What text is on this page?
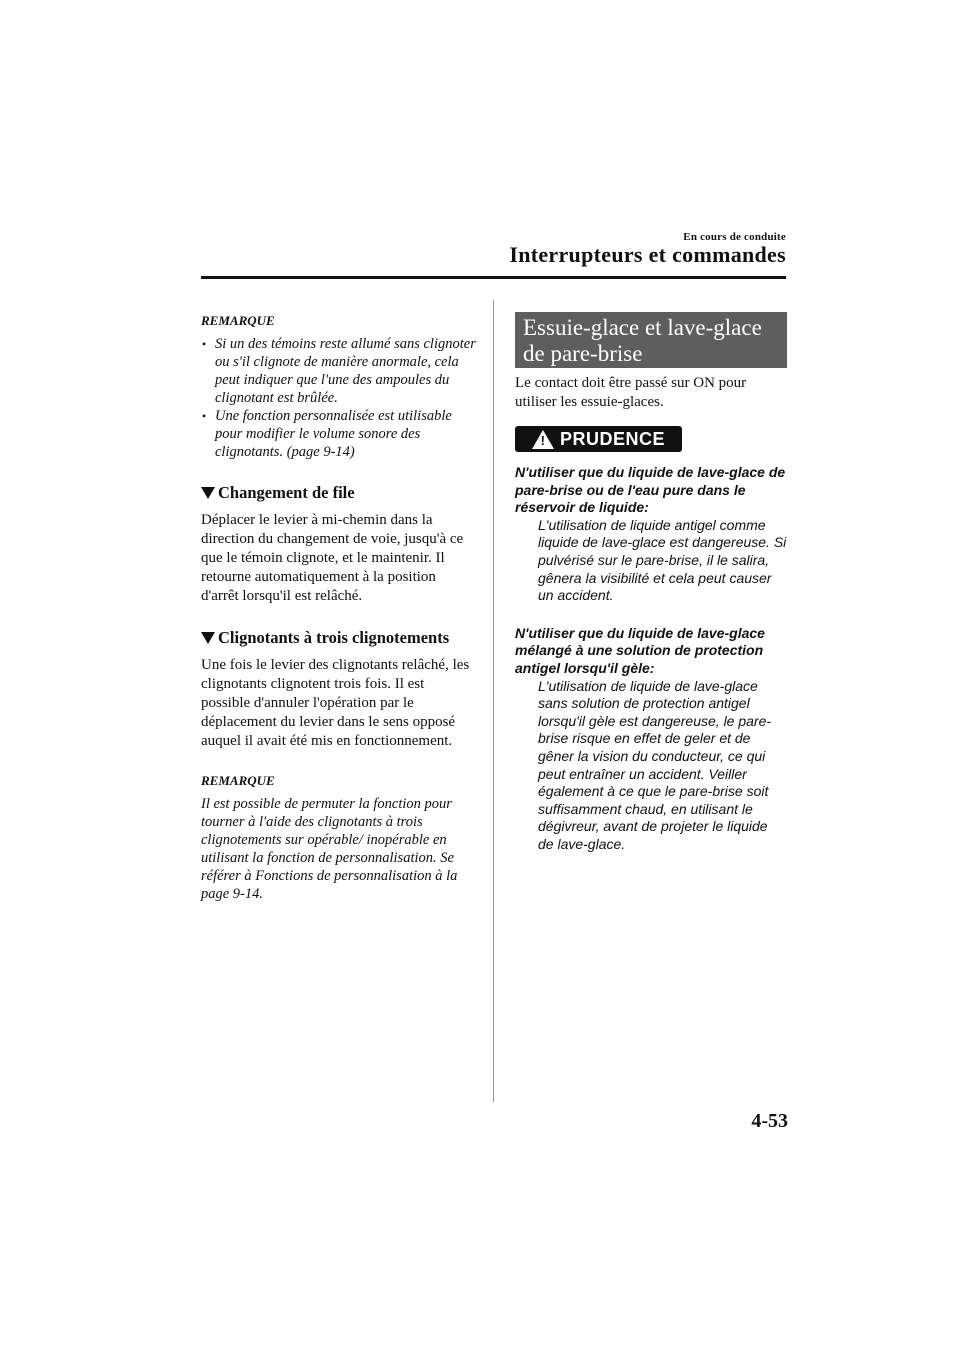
En cours de conduite
Interrupteurs et commandes
REMARQUE
• Si un des témoins reste allumé sans clignoter ou s'il clignote de manière anormale, cela peut indiquer que l'une des ampoules du clignotant est brûlée.
• Une fonction personnalisée est utilisable pour modifier le volume sonore des clignotants. (page 9-14)
Changement de file

Déplacer le levier à mi-chemin dans la direction du changement de voie, jusqu'à ce que le témoin clignote, et le maintenir. Il retourne automatiquement à la position d'arrêt lorsqu'il est relâché.

Clignotants à trois clignotements

Une fois le levier des clignotants relâché, les clignotants clignotent trois fois. Il est possible d'annuler l'opération par le déplacement du levier dans le sens opposé auquel il avait été mis en fonctionnement.

REMARQUE
Il est possible de permuter la fonction pour tourner à l'aide des clignotants à trois clignotements sur opérable/ inopérable en utilisant la fonction de personnalisation. Se référer à Fonctions de personnalisation à la page 9-14.
Essuie-glace et lave-glace de pare-brise

Le contact doit être passé sur ON pour utiliser les essuie-glaces.

! PRUDENCE
N'utiliser que du liquide de lave-glace de pare-brise ou de l'eau pure dans le réservoir de liquide:
L'utilisation de liquide antigel comme liquide de lave-glace est dangereuse. Si pulvérisé sur le pare-brise, il le salira, gênera la visibilité et cela peut causer un accident.
N'utiliser que du liquide de lave-glace mélangé à une solution de protection antigel lorsqu'il gèle:
L'utilisation de liquide de lave-glace sans solution de protection antigel lorsqu'il gèle est dangereuse, le pare-brise risque en effet de geler et de gêner la vision du conducteur, ce qui peut entraîner un accident. Veiller également à ce que le pare-brise soit suffisamment chaud, en utilisant le dégivreur, avant de projeter le liquide de lave-glace.
4-53
